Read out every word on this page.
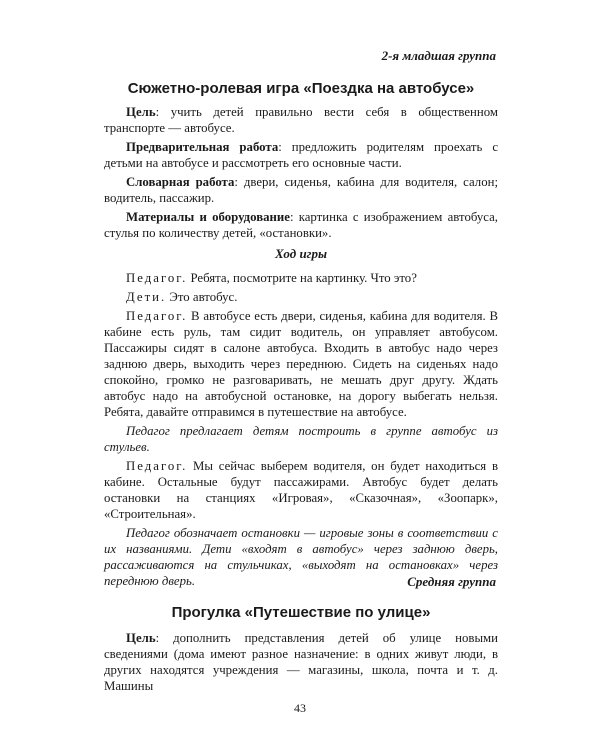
2-я младшая группа
Сюжетно-ролевая игра «Поездка на автобусе»

Цель: учить детей правильно вести себя в общественном транспорте — автобусе.

Предварительная работа: предложить родителям проехать с детьми на автобусе и рассмотреть его основные части.

Словарная работа: двери, сиденья, кабина для водителя, салон; водитель, пассажир.

Материалы и оборудование: картинка с изображением автобуса, стулья по количеству детей, «остановки».

Ход игры

Педагог. Ребята, посмотрите на картинку. Что это?

Дети. Это автобус.

Педагог. В автобусе есть двери, сиденья, кабина для водителя. В кабине есть руль, там сидит водитель, он управляет автобусом. Пассажиры сидят в салоне автобуса. Входить в автобус надо через заднюю дверь, выходить через переднюю. Сидеть на сиденьях надо спокойно, громко не разговаривать, не мешать друг другу. Ждать автобус надо на автобусной остановке, на дорогу выбегать нельзя. Ребята, давайте отправимся в путешествие на автобусе.

Педагог предлагает детям построить в группе автобус из стульев.

Педагог. Мы сейчас выберем водителя, он будет находиться в кабине. Остальные будут пассажирами. Автобус будет делать остановки на станциях «Игровая», «Сказочная», «Зоопарк», «Строительная».

Педагог обозначает остановки — игровые зоны в соответствии с их названиями. Дети «входят в автобус» через заднюю дверь, рассаживаются на стульчиках, «выходят на остановках» через переднюю дверь.	Средняя группа
Прогулка «Путешествие по улице»

Цель: дополнить представления детей об улице новыми сведениями (дома имеют разное назначение: в одних живут люди, в других находятся учреждения — магазины, школа, почта и т. д. Машины

43
